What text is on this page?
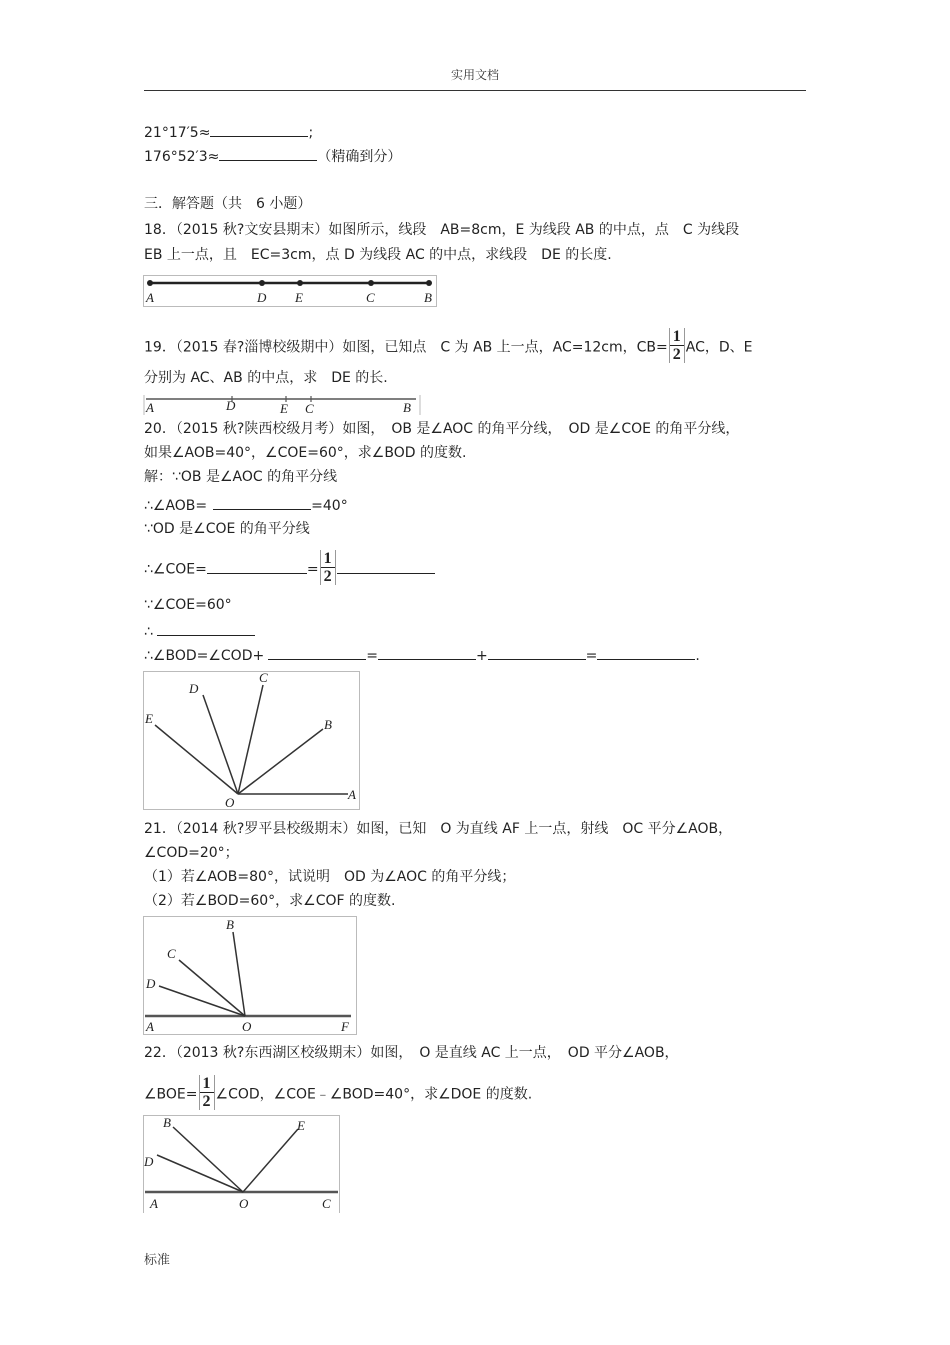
实用文档
21°17′5≈	;
176°52′3≈	（精确到分）
三．解答题（共　6 小题）
18．（2015 秋?文安县期末）如图所示，线段　AB=8cm，E 为线段 AB 的中点，点　C 为线段
EB 上一点，且　EC=3cm，点 D 为线段 AC 的中点，求线段　DE 的长度.
A	D E	C	B
19．（2015 春?淄博校级期中）如图，已知点　C 为 AB 上一点，AC=12cm，$CB= \frac{1}{2}$ AC，D、E
分别为 AC、AB 的中点，求　DE 的长.
A	D	E C	B
20．（2015 秋?陕西校级月考）如图，　OB 是∠AOC 的角平分线，　OD 是∠COE 的角平分线，
如果∠AOB=40°，∠COE=60°，求∠BOD 的度数.
解：∵OB 是∠AOC 的角平分线
∴∠AOB=	=40°
∵OD 是∠COE 的角平分线
∴∠COE=	= $\frac{1}{2}$
∵∠COE=60°
∴
∴∠BOD=∠COD+	=	+	=	.
D
C
E	B
O
A
21．（2014 秋?罗平县校级期末）如图，已知　O 为直线 AF 上一点，射线　OC 平分∠AOB，
∠COD=20°；
（1）若∠AOB=80°，试说明　OD 为∠AOC 的角平分线；
（2）若∠BOD=60°，求∠COF 的度数.
B
C
D
A	O	F
22．（2013 秋?东西湖区校级期末）如图，　O 是直线 AC 上一点，　OD 平分∠AOB，
∠BOE= $\frac{1}{2}$ ∠COD，∠COE﹣∠BOD=40°，求∠DOE 的度数.
B	E
D
A	O	C
标准
